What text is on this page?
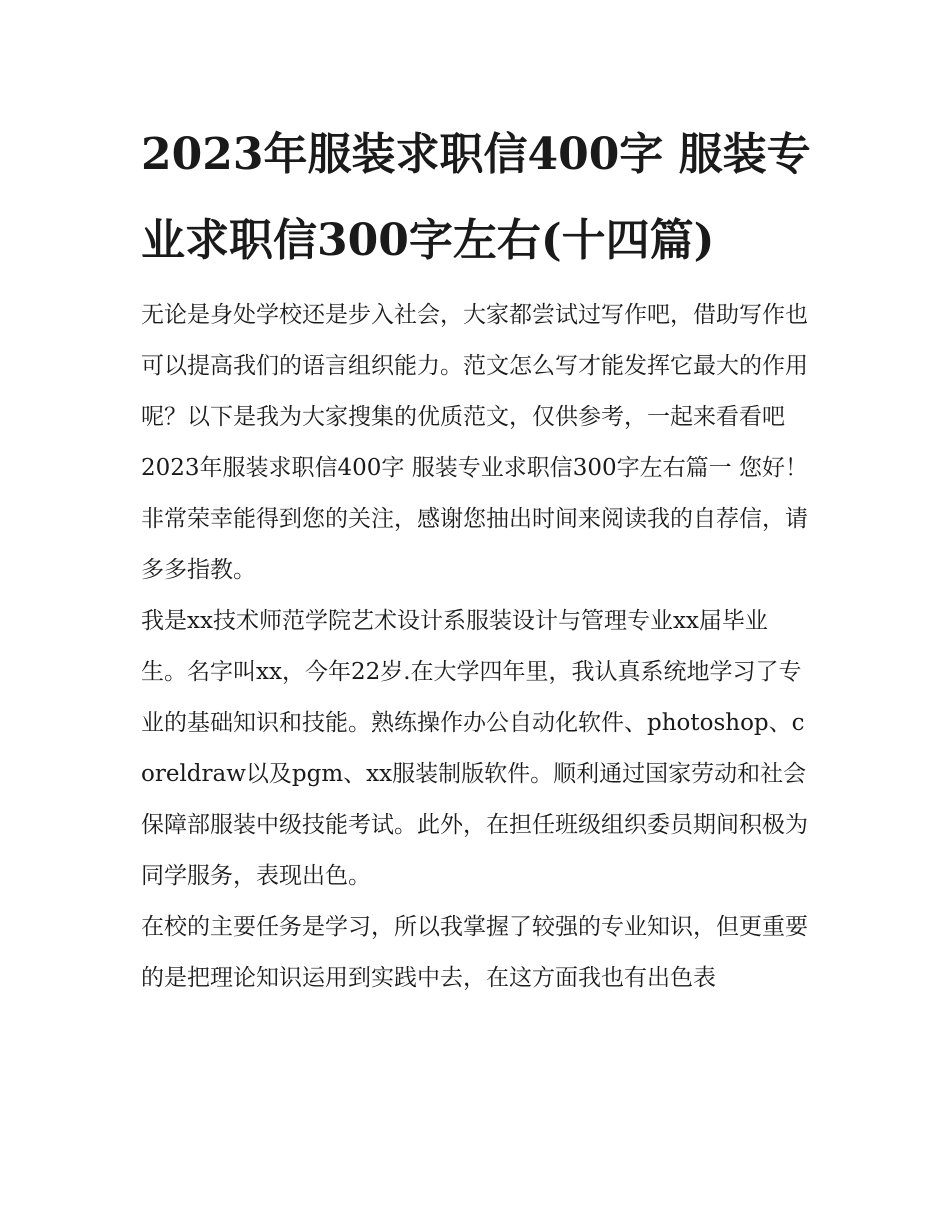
2023年服装求职信400字 服装专业求职信300字左右(十四篇)

无论是身处学校还是步入社会，大家都尝试过写作吧，借助写作也可以提高我们的语言组织能力。范文怎么写才能发挥它最大的作用呢？以下是我为大家搜集的优质范文，仅供参考，一起来看看吧

2023年服装求职信400字 服装专业求职信300字左右篇一 您好！ 非常荣幸能得到您的关注，感谢您抽出时间来阅读我的自荐信，请多多指教。

我是xx技术师范学院艺术设计系服装设计与管理专业xx届毕业生。名字叫xx，今年22岁.在大学四年里，我认真系统地学习了专业的基础知识和技能。熟练操作办公自动化软件、photoshop、coreldraw以及pgm、xx服装制版软件。顺利通过国家劳动和社会保障部服装中级技能考试。此外，在担任班级组织委员期间积极为同学服务，表现出色。

在校的主要任务是学习，所以我掌握了较强的专业知识，但更重要的是把理论知识运用到实践中去，在这方面我也有出色表
